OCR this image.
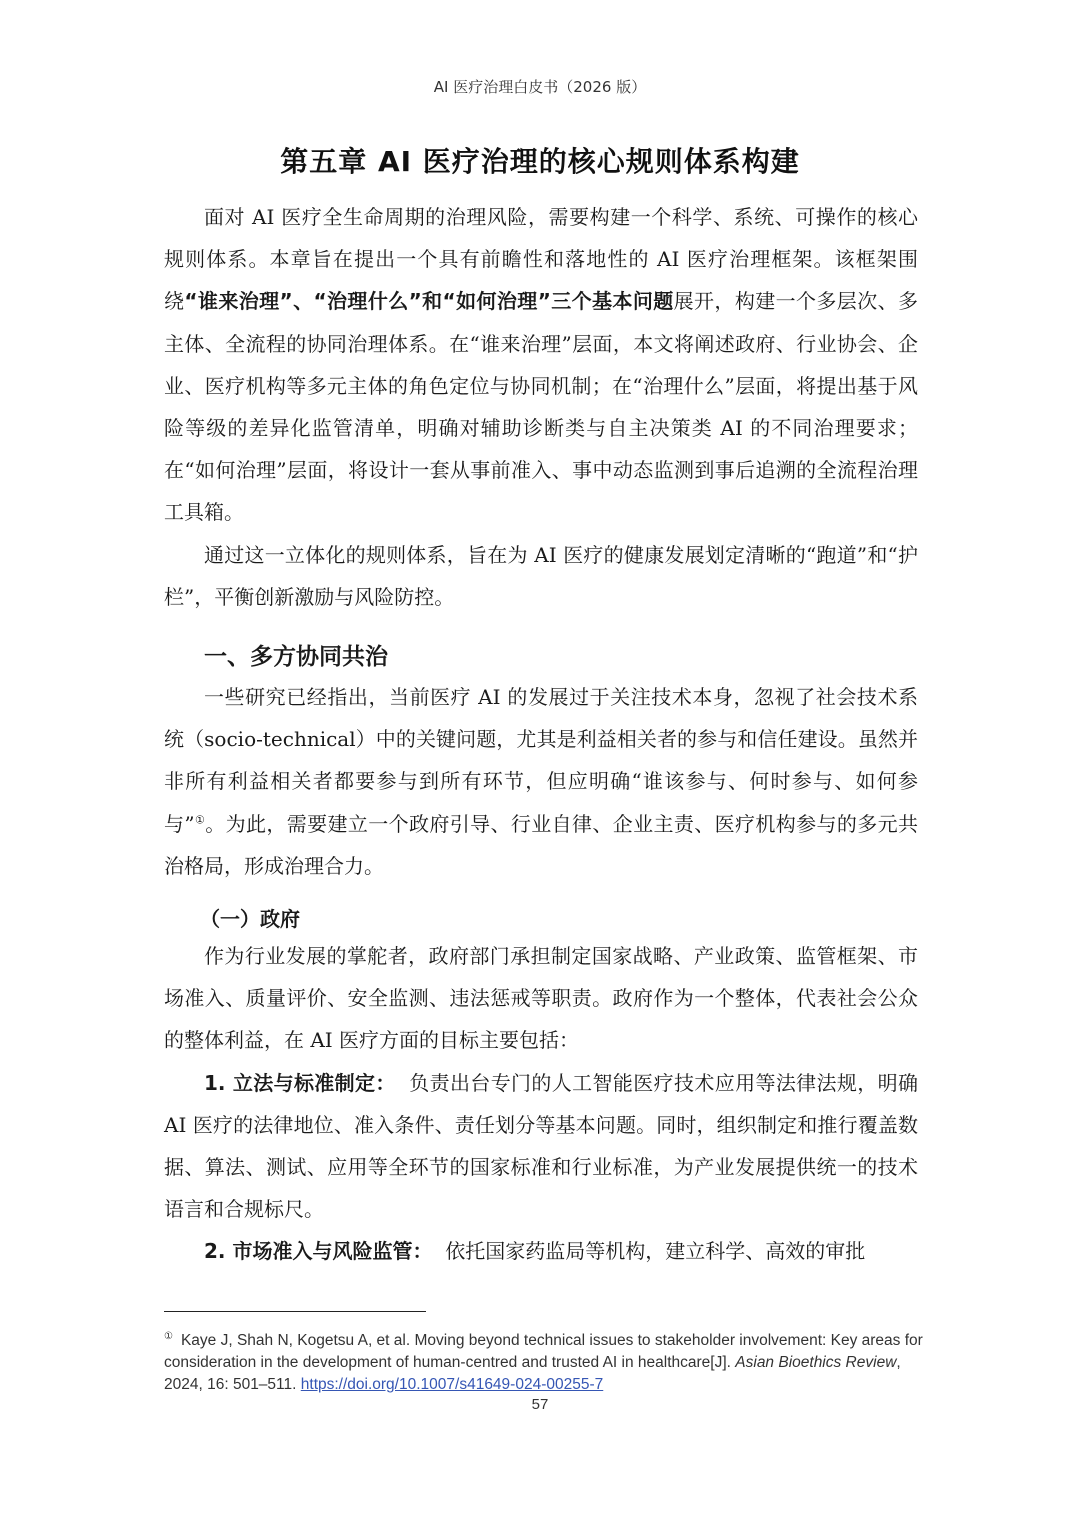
AI 医疗治理白皮书（2026 版）
第五章 AI 医疗治理的核心规则体系构建

面对 AI 医疗全生命周期的治理风险，需要构建一个科学、系统、可操作的核心规则体系。本章旨在提出一个具有前瞻性和落地性的 AI 医疗治理框架。该框架围绕“谁来治理”、“治理什么”和“如何治理”三个基本问题展开，构建一个多层次、多主体、全流程的协同治理体系。在“谁来治理”层面，本文将阐述政府、行业协会、企业、医疗机构等多元主体的角色定位与协同机制；在“治理什么”层面，将提出基于风险等级的差异化监管清单，明确对辅助诊断类与自主决策类 AI 的不同治理要求；在“如何治理”层面，将设计一套从事前准入、事中动态监测到事后追溯的全流程治理工具箱。

通过这一立体化的规则体系，旨在为 AI 医疗的健康发展划定清晰的“跑道”和“护栏”，平衡创新激励与风险防控。

一、多方协同共治

一些研究已经指出，当前医疗 AI 的发展过于关注技术本身，忽视了社会技术系统（socio-technical）中的关键问题，尤其是利益相关者的参与和信任建设。虽然并非所有利益相关者都要参与到所有环节，但应明确“谁该参与、何时参与、如何参与”①。为此，需要建立一个政府引导、行业自律、企业主责、医疗机构参与的多元共治格局，形成治理合力。

（一）政府

作为行业发展的掌舵者，政府部门承担制定国家战略、产业政策、监管框架、市场准入、质量评价、安全监测、违法惩戒等职责。政府作为一个整体，代表社会公众的整体利益，在 AI 医疗方面的目标主要包括：

1. 立法与标准制定： 负责出台专门的人工智能医疗技术应用等法律法规，明确 AI 医疗的法律地位、准入条件、责任划分等基本问题。同时，组织制定和推行覆盖数据、算法、测试、应用等全环节的国家标准和行业标准，为产业发展提供统一的技术语言和合规标尺。

2. 市场准入与风险监管： 依托国家药监局等机构，建立科学、高效的审批

① Kaye J, Shah N, Kogetsu A, et al. Moving beyond technical issues to stakeholder involvement: Key areas for consideration in the development of human-centred and trusted AI in healthcare[J]. Asian Bioethics Review, 2024, 16: 501–511. https://doi.org/10.1007/s41649-024-00255-7
57
